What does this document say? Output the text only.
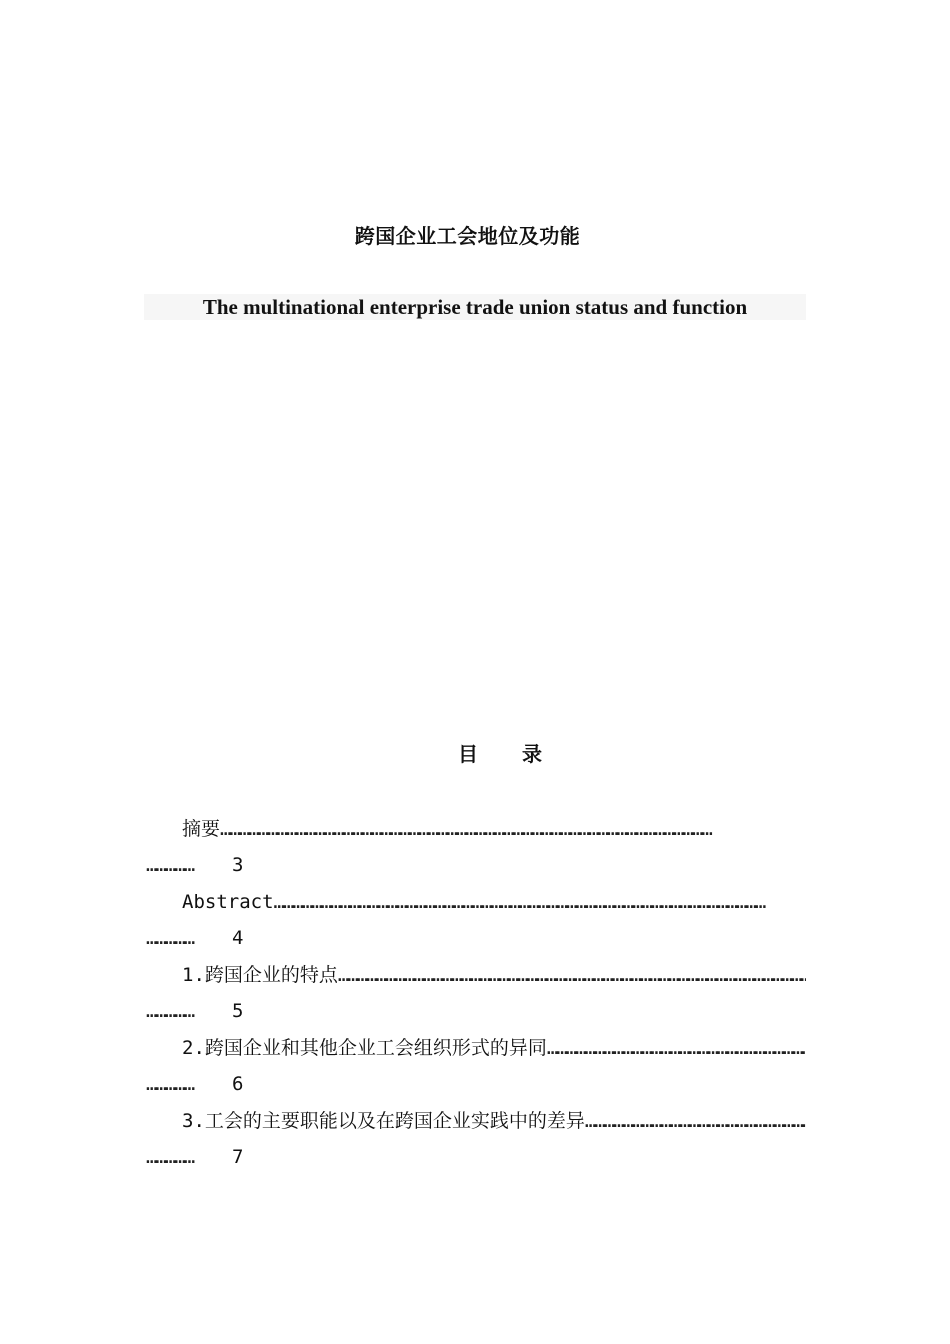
跨国企业工会地位及功能
The multinational enterprise trade union status and function
目 录
摘要
…………………………………………………………………………………………………………………………………………
……………
3
Abstract
…………………………………………………………………………………………………………………………………………
……………
4
1.跨国企业的特点
…………………………………………………………………………………………………………………………………………
……………
5
2.跨国企业和其他企业工会组织形式的异同
…………………………………………………………………………………………………………………………………………
……………
6
3.工会的主要职能以及在跨国企业实践中的差异
…………………………………………………………………………………………………………………………………………
……………
7
